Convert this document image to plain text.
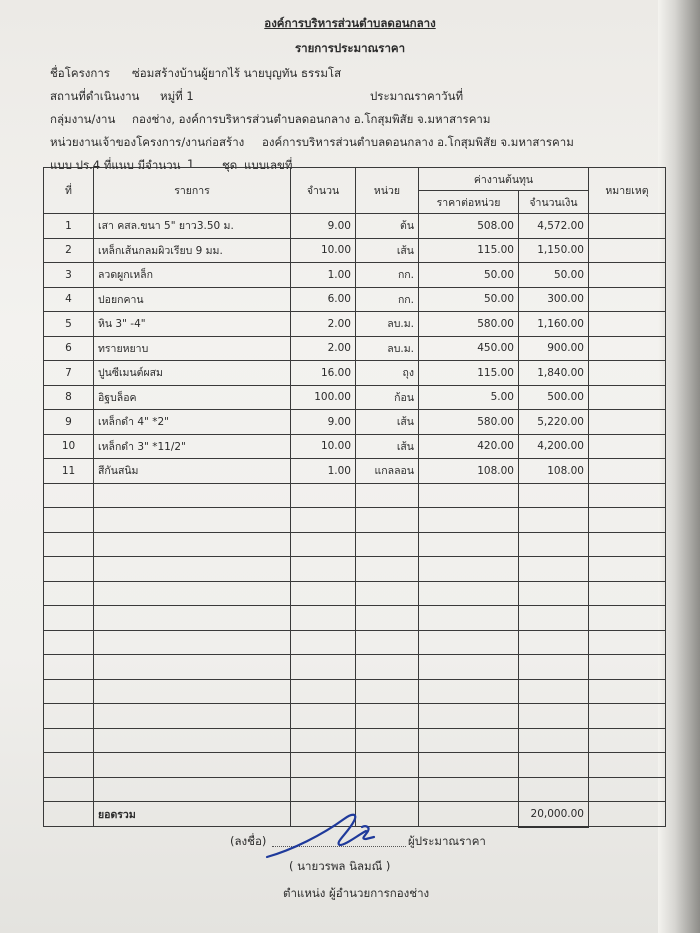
องค์การบริหารส่วนตำบลดอนกลาง
รายการประมาณราคา
ชื่อโครงการ ซ่อมสร้างบ้านผู้ยากไร้ นายบุญทัน ธรรมโส
สถานที่ดำเนินงาน หมู่ที่ 1	ประมาณราคาวันที่
กลุ่มงาน/งาน กองช่าง, องค์การบริหารส่วนตำบลดอนกลาง อ.โกสุมพิสัย จ.มหาสารคาม
หน่วยงานเจ้าของโครงการ/งานก่อสร้าง องค์การบริหารส่วนตำบลดอนกลาง อ.โกสุมพิสัย จ.มหาสารคาม
แบบ ปร.4 ที่แนบ มีจำนวน 1 ชุด แบบเลขที่
ที่	รายการ	จำนวน	หน่วย	ค่างานต้นทุน		หมายเหตุ
				ราคาต่อหน่วย	จำนวนเงิน	
1	เสา คสล.ขนา 5" ยาว3.50 ม.	9.00	ต้น	508.00	4,572.00	
2	เหล็กเส้นกลมผิวเรียบ 9 มม.	10.00	เส้น	115.00	1,150.00	
3	ลวดผูกเหล็ก	1.00	กก.	50.00	50.00	
4	ปอยกคาน	6.00	กก.	50.00	300.00	
5	หิน 3" -4"	2.00	ลบ.ม.	580.00	1,160.00	
6	ทรายหยาบ	2.00	ลบ.ม.	450.00	900.00	
7	ปูนซีเมนต์ผสม	16.00	ถุง	115.00	1,840.00	
8	อิฐบล็อค	100.00	ก้อน	5.00	500.00	
9	เหล็กดำ 4" *2"	9.00	เส้น	580.00	5,220.00	
10	เหล็กดำ 3" *11/2"	10.00	เส้น	420.00	4,200.00	
11	สีกันสนิม	1.00	แกลลอน	108.00	108.00	

	ยอดรวม				20,000.00	
(ลงชื่อ)	ผู้ประมาณราคา
( นายวรพล นิลมณี )
ตำแหน่ง ผู้อำนวยการกองช่าง
